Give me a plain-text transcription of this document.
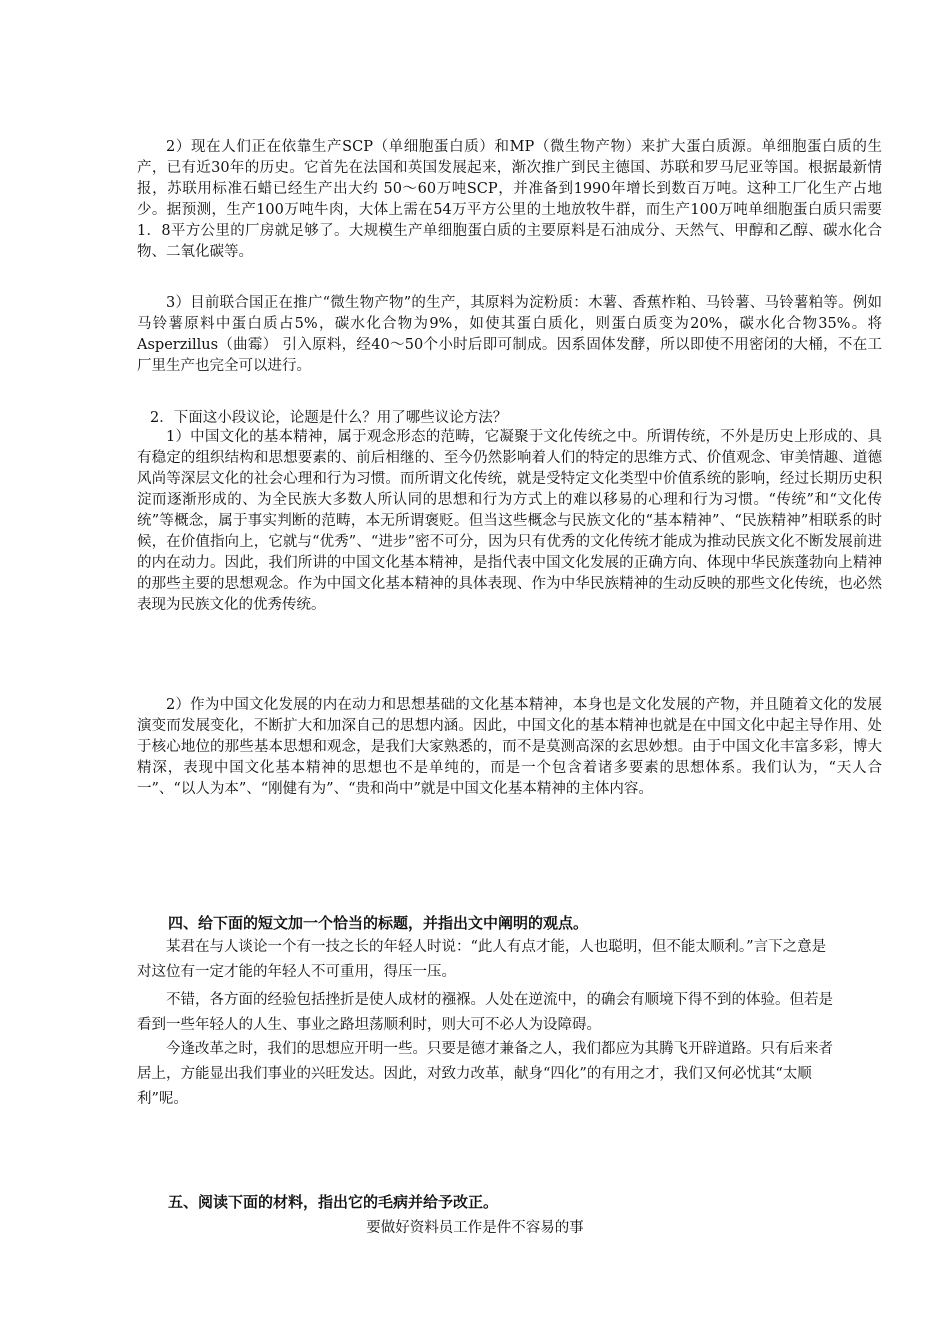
2）现在人们正在依靠生产SCP（单细胞蛋白质）和MP（微生物产物）来扩大蛋白质源。单细胞蛋白质的生产，已有近30年的历史。它首先在法国和英国发展起来，渐次推广到民主德国、苏联和罗马尼亚等国。根据最新情报，苏联用标准石蜡已经生产出大约 50～60万吨SCP，并准备到1990年增长到数百万吨。这种工厂化生产占地少。据预测，生产100万吨牛肉，大体上需在54万平方公里的土地放牧牛群，而生产100万吨单细胞蛋白质只需要1．8平方公里的厂房就足够了。大规模生产单细胞蛋白质的主要原料是石油成分、天然气、甲醇和乙醇、碳水化合物、二氧化碳等。

3）目前联合国正在推广“微生物产物”的生产，其原料为淀粉质：木薯、香蕉柞粕、马铃薯、马铃薯粕等。例如马铃薯原料中蛋白质占5%，碳水化合物为9%，如使其蛋白质化，则蛋白质变为20%，碳水化合物35%。将Asperzillus（曲霉） 引入原料，经40～50个小时后即可制成。因系固体发酵，所以即使不用密闭的大桶，不在工厂里生产也完全可以进行。

2．下面这小段议论，论题是什么？用了哪些议论方法？

1）中国文化的基本精神，属于观念形态的范畴，它凝聚于文化传统之中。所谓传统，不外是历史上形成的、具有稳定的组织结构和思想要素的、前后相继的、至今仍然影响着人们的特定的思维方式、价值观念、审美情趣、道德风尚等深层文化的社会心理和行为习惯。而所谓文化传统，就是受特定文化类型中价值系统的影响，经过长期历史积淀而逐渐形成的、为全民族大多数人所认同的思想和行为方式上的难以移易的心理和行为习惯。“传统”和“文化传统”等概念，属于事实判断的范畴，本无所谓褒贬。但当这些概念与民族文化的“基本精神”、“民族精神”相联系的时候，在价值指向上，它就与“优秀”、“进步”密不可分，因为只有优秀的文化传统才能成为推动民族文化不断发展前进的内在动力。因此，我们所讲的中国文化基本精神，是指代表中国文化发展的正确方向、体现中华民族蓬勃向上精神的那些主要的思想观念。作为中国文化基本精神的具体表现、作为中华民族精神的生动反映的那些文化传统，也必然表现为民族文化的优秀传统。

2）作为中国文化发展的内在动力和思想基础的文化基本精神，本身也是文化发展的产物，并且随着文化的发展演变而发展变化，不断扩大和加深自己的思想内涵。因此，中国文化的基本精神也就是在中国文化中起主导作用、处于核心地位的那些基本思想和观念，是我们大家熟悉的，而不是莫测高深的玄思妙想。由于中国文化丰富多彩，博大精深，表现中国文化基本精神的思想也不是单纯的，而是一个包含着诸多要素的思想体系。我们认为，“天人合一”、“以人为本”、“刚健有为”、“贵和尚中”就是中国文化基本精神的主体内容。

四、给下面的短文加一个恰当的标题，并指出文中阐明的观点。

某君在与人谈论一个有一技之长的年轻人时说：“此人有点才能，人也聪明，但不能太顺利。”言下之意是对这位有一定才能的年轻人不可重用，得压一压。

不错，各方面的经验包括挫折是使人成材的襁褓。人处在逆流中，的确会有顺境下得不到的体验。但若是看到一些年轻人的人生、事业之路坦荡顺利时，则大可不必人为设障碍。

今逢改革之时，我们的思想应开明一些。只要是德才兼备之人，我们都应为其腾飞开辟道路。只有后来者居上，方能显出我们事业的兴旺发达。因此，对致力改革，献身“四化”的有用之才，我们又何必忧其“太顺利”呢。

五、阅读下面的材料，指出它的毛病并给予改正。

要做好资料员工作是件不容易的事
